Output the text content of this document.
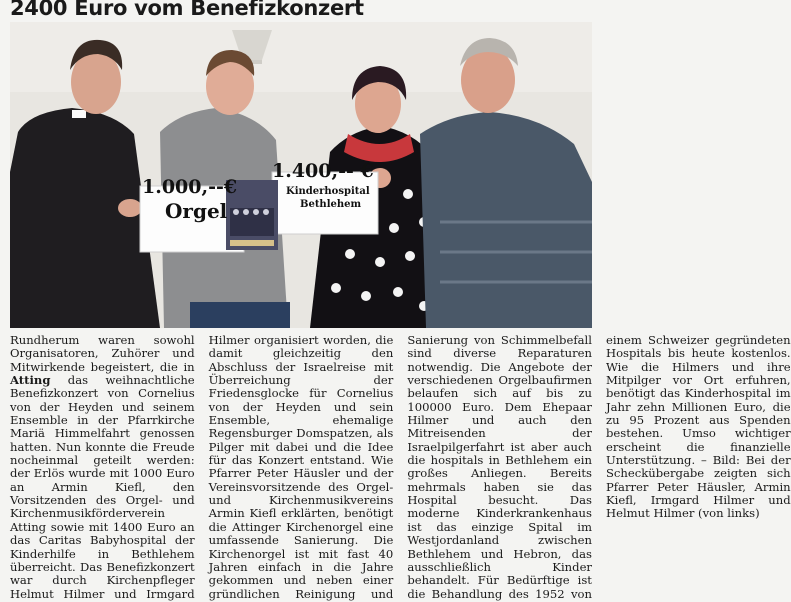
2400 Euro vom Benefizkonzert
1.000,--€
Orgel
1.400,-- €
Kinderhospital
Bethlehem

Rundherum waren sowohl Organisatoren, Zuhörer und Mitwirkende begeistert, die in Atting das weihnachtliche Benefizkonzert von Cornelius von der Heyden und seinem Ensemble in der Pfarrkirche Mariä Himmelfahrt genossen hatten. Nun konnte die Freude nocheinmal geteilt werden: der Erlös wurde mit 1000 Euro an Armin Kiefl, den Vorsitzenden des Orgel- und Kirchenmusikförderverein Atting sowie mit 1400 Euro an das Caritas Babyhospital der Kinderhilfe in Bethlehem überreicht. Das Benefizkonzert war durch Kirchenpfleger Helmut Hilmer und Irmgard Hilmer organisiert worden, die damit gleichzeitig den Abschluss der Israelreise mit Überreichung der Friedensglocke für Cornelius von der Heyden und sein Ensemble, ehemalige Regensburger Domspatzen, als Pilger mit dabei und die Idee für das Konzert entstand. Wie Pfarrer Peter Häusler und der Vereinsvorsitzende des Orgel- und Kirchenmusikvereins Armin Kiefl erklärten, benötigt die Attinger Kirchenorgel eine umfassende Sanierung. Die Kirchenorgel ist mit fast 40 Jahren einfach in die Jahre gekommen und neben einer gründlichen Reinigung und Sanierung von Schimmelbefall sind diverse Reparaturen notwendig. Die Angebote der verschiedenen Orgelbaufirmen belaufen sich auf bis zu 100000 Euro. Dem Ehepaar Hilmer und auch den Mitreisenden der Israelpilgerfahrt ist aber auch die hospitals in Bethlehem ein großes Anliegen. Bereits mehrmals haben sie das Hospital besucht. Das moderne Kinderkrankenhaus ist das einzige Spital im Westjordanland zwischen Bethlehem und Hebron, das ausschließlich Kinder behandelt. Für Bedürftige ist die Behandlung des 1952 von einem Schweizer gegründeten Hospitals bis heute kostenlos. Wie die Hilmers und ihre Mitpilger vor Ort erfuhren, benötigt das Kinderhospital im Jahr zehn Millionen Euro, die zu 95 Prozent aus Spenden bestehen. Umso wichtiger erscheint die finanzielle Unterstützung. – Bild: Bei der Scheckübergabe zeigten sich Pfarrer Peter Häusler, Armin Kiefl, Irmgard Hilmer und Helmut Hilmer (von links)
